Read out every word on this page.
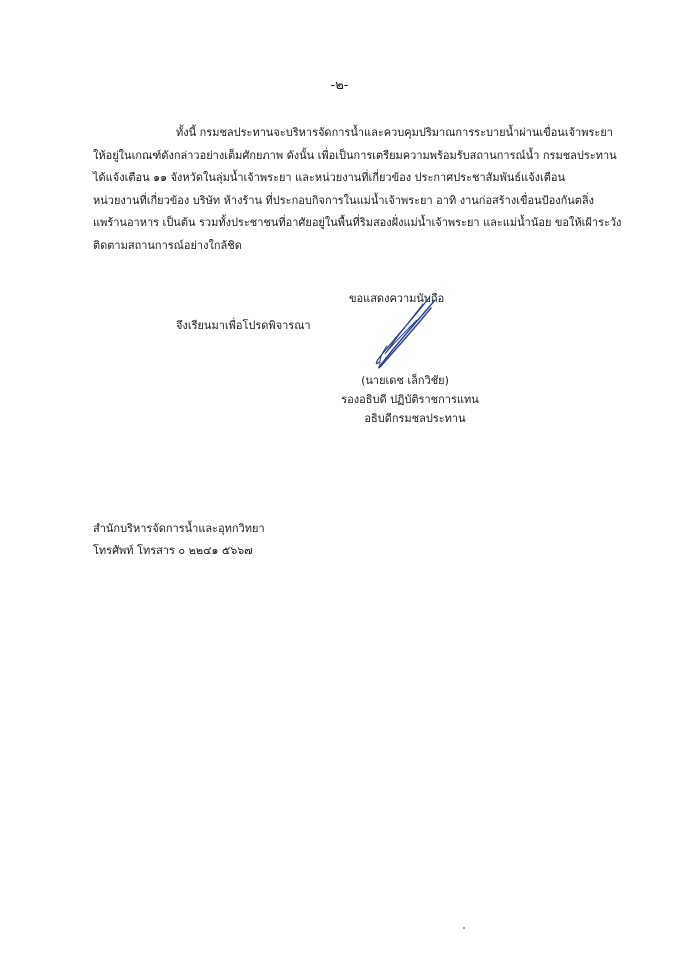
-๒-
ทั้งนี้ กรมชลประทานจะบริหารจัดการน้ำและควบคุมปริมาณการระบายน้ำผ่านเขื่อนเจ้าพระยา
ให้อยู่ในเกณฑ์ดังกล่าวอย่างเต็มศักยภาพ ดังนั้น เพื่อเป็นการเตรียมความพร้อมรับสถานการณ์น้ำ กรมชลประทาน
ได้แจ้งเตือน ๑๑ จังหวัดในลุ่มน้ำเจ้าพระยา และหน่วยงานที่เกี่ยวข้อง ประกาศประชาสัมพันธ์แจ้งเตือน
หน่วยงานที่เกี่ยวข้อง บริษัท ห้างร้าน ที่ประกอบกิจการในแม่น้ำเจ้าพระยา อาทิ งานก่อสร้างเขื่อนป้องกันตลิ่ง
แพร้านอาหาร เป็นต้น รวมทั้งประชาชนที่อาศัยอยู่ในพื้นที่ริมสองฝั่งแม่น้ำเจ้าพระยา และแม่น้ำน้อย ขอให้เฝ้าระวัง
ติดตามสถานการณ์อย่างใกล้ชิด
จึงเรียนมาเพื่อโปรดพิจารณา
ขอแสดงความนับถือ
(นายเดช เล็กวิชัย)
รองอธิบดี ปฏิบัติราชการแทน
อธิบดีกรมชลประทาน
สำนักบริหารจัดการน้ำและอุทกวิทยา
โทรศัพท์ โทรสาร ๐ ๒๒๔๑ ๕๖๖๗
